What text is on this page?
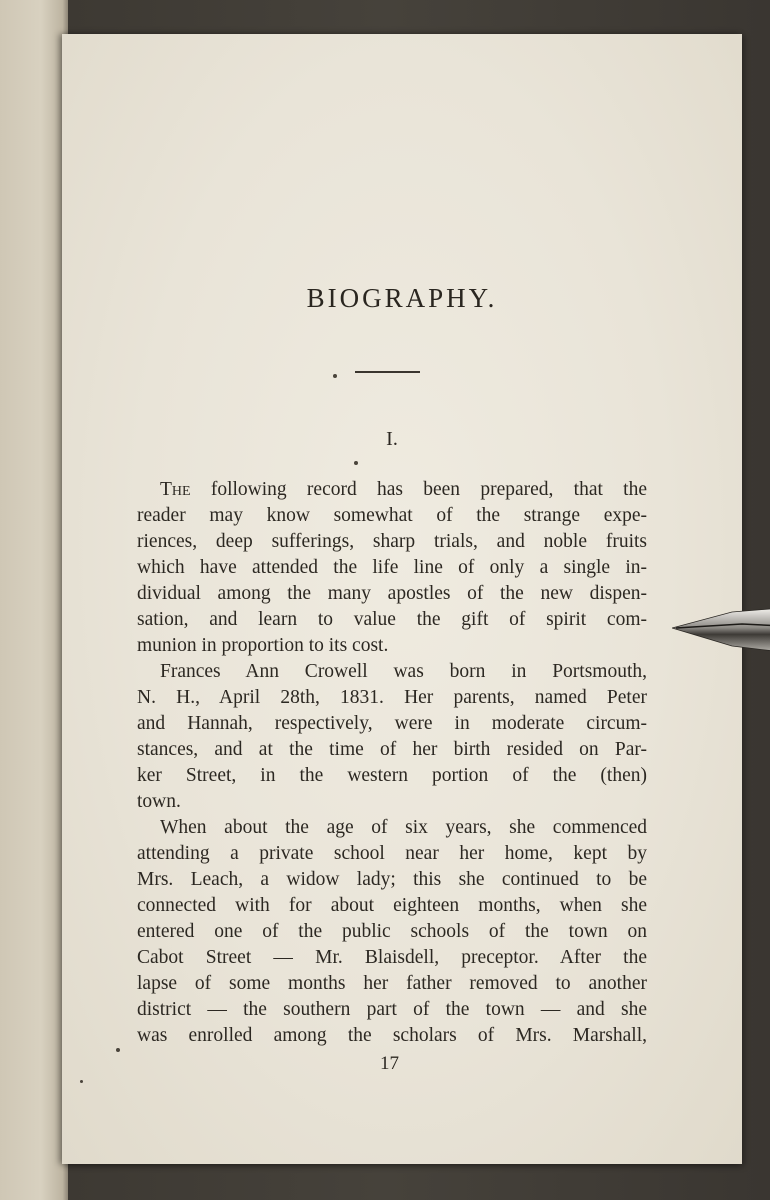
BIOGRAPHY.
I.
The following record has been prepared, that the
reader may know somewhat of the strange expe-
riences, deep sufferings, sharp trials, and noble fruits
which have attended the life line of only a single in-
dividual among the many apostles of the new dispen-
sation, and learn to value the gift of spirit com-
munion in proportion to its cost.
Frances Ann Crowell was born in Portsmouth,
N. H., April 28th, 1831. Her parents, named Peter
and Hannah, respectively, were in moderate circum-
stances, and at the time of her birth resided on Par-
ker Street, in the western portion of the (then)
town.
When about the age of six years, she commenced
attending a private school near her home, kept by
Mrs. Leach, a widow lady; this she continued to be
connected with for about eighteen months, when she
entered one of the public schools of the town on
Cabot Street — Mr. Blaisdell, preceptor. After the
lapse of some months her father removed to another
district — the southern part of the town — and she
was enrolled among the scholars of Mrs. Marshall,
17
